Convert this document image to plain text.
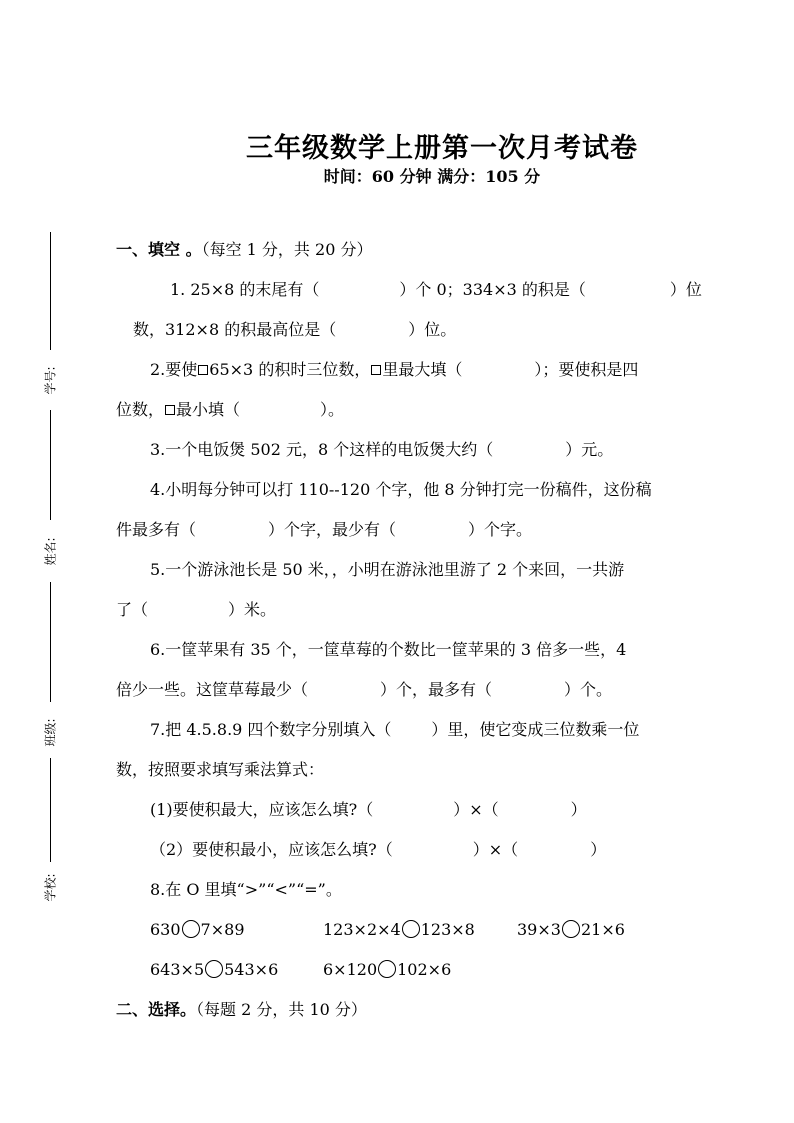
三年级数学上册第一次月考试卷
时间：60 分钟 满分：105 分
学号:
姓名:
班级:
学校:
一、填空 。（每空 1 分，共 20 分）
1. 25×8 的末尾有（	）个 0；334×3 的积是（	）位
数，312×8 的积最高位是（	）位。
2.要使 65×3 的积时三位数， 里最大填（	）；要使积是四
位数， 最小填（	）。
3.一个电饭煲 502 元，8 个这样的电饭煲大约（	）元。
4.小明每分钟可以打 110--120 个字，他 8 分钟打完一份稿件，这份稿
件最多有（	）个字，最少有（	）个字。
5.一个游泳池长是 50 米，，小明在游泳池里游了 2 个来回，一共游
了（	）米。
6.一筐苹果有 35 个，一筐草莓的个数比一筐苹果的 3 倍多一些，4
倍少一些。这筐草莓最少（	）个，最多有（	）个。
7.把 4.5.8.9 四个数字分别填入（	）里，使它变成三位数乘一位
数，按照要求填写乘法算式：
(1)要使积最大，应该怎么填?（	）×（	）
（2）要使积最小，应该怎么填?（	）×（	）
8.在 O 里填“>”“<”“=”。
630 7×89	123×2×4 123×8	39×3 21×6
643×5 543×6	6×120 102×6
二、选择。（每题 2 分，共 10 分）
